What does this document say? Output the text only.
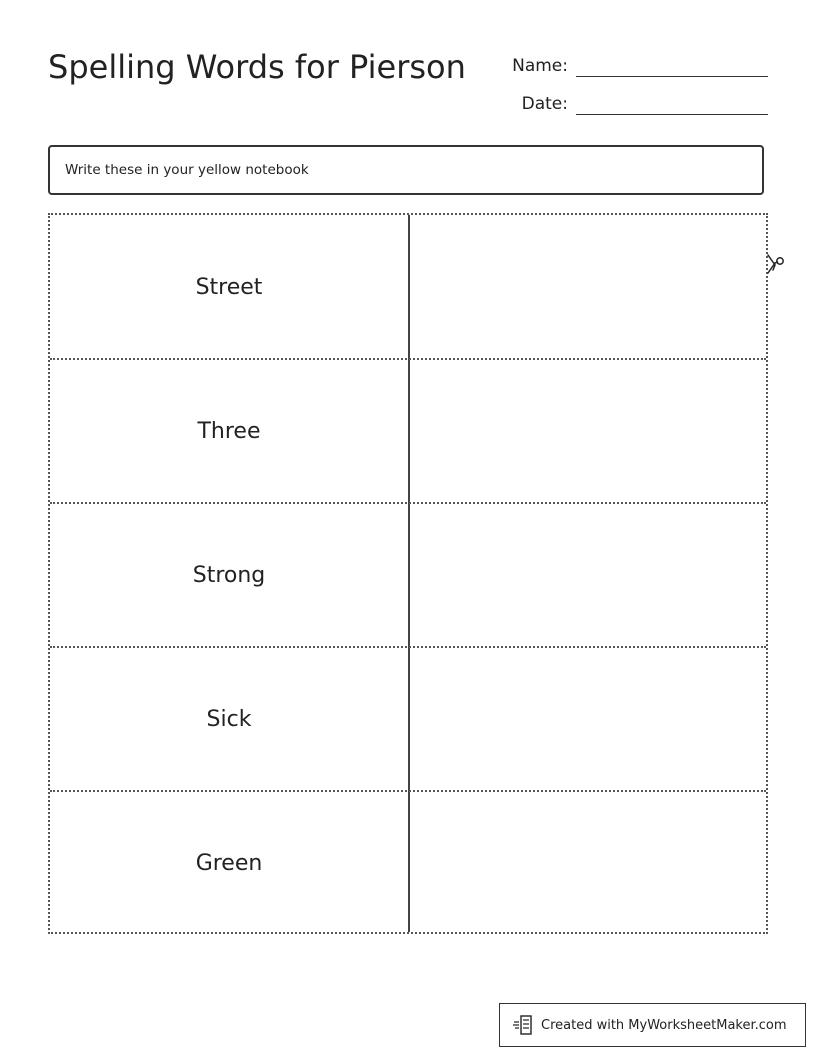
Spelling Words for Pierson	Name:
Date:
Write these in your yellow notebook
Street
Three
Strong
Sick
Green
Created with MyWorksheetMaker.com
